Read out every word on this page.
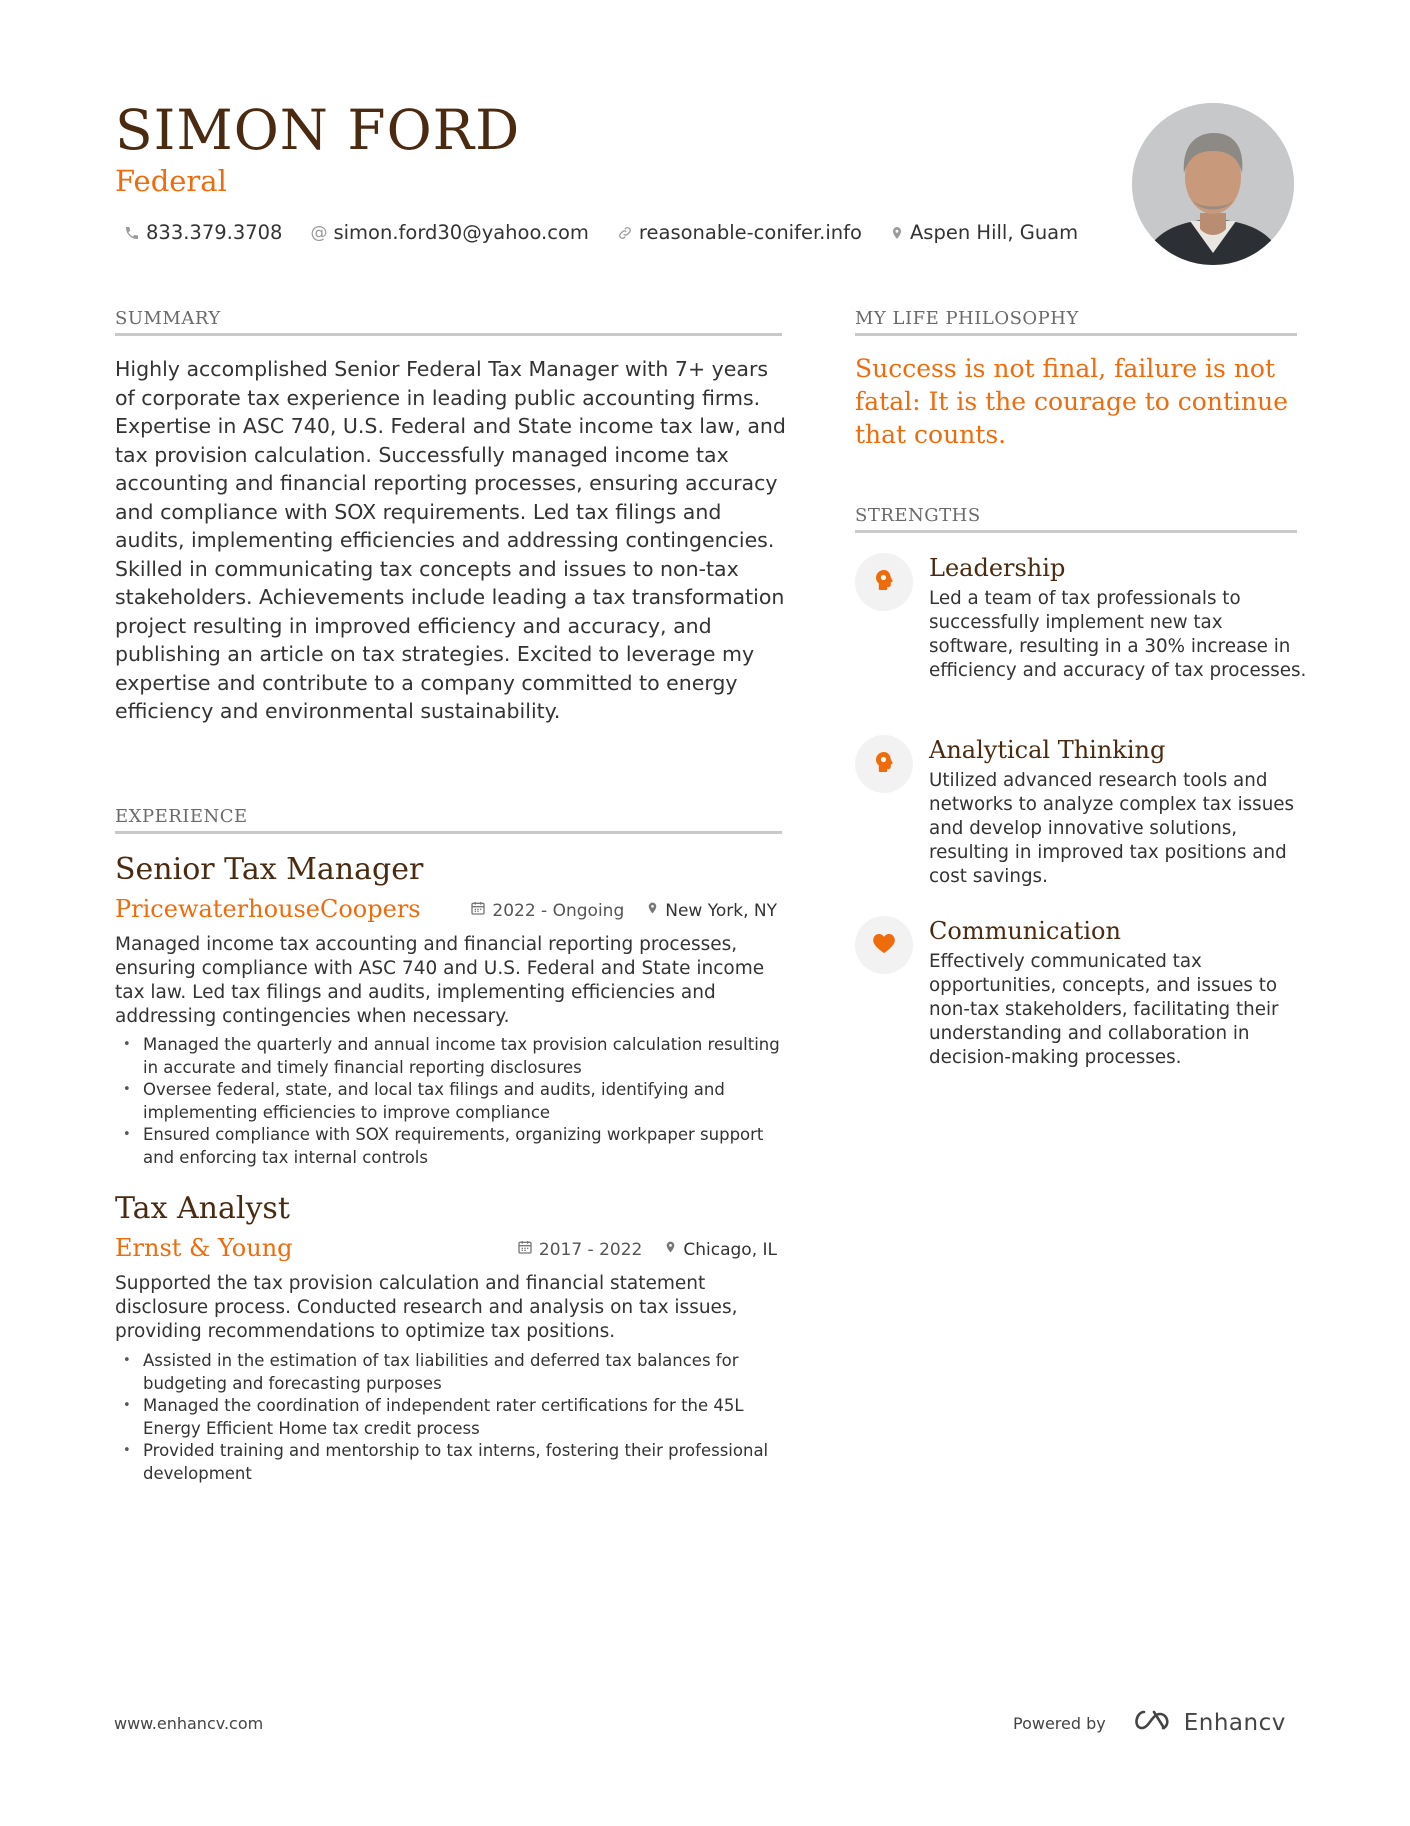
SIMON FORD
Federal
833.379.3708 @ simon.ford30@yahoo.com	reasonable-conifer.info Aspen Hill, Guam
SUMMARY
Highly accomplished Senior Federal Tax Manager with 7+ years of corporate tax experience in leading public accounting firms. Expertise in ASC 740, U.S. Federal and State income tax law, and tax provision calculation. Successfully managed income tax accounting and financial reporting processes, ensuring accuracy and compliance with SOX requirements. Led tax filings and audits, implementing efficiencies and addressing contingencies. Skilled in communicating tax concepts and issues to non-tax stakeholders. Achievements include leading a tax transformation project resulting in improved efficiency and accuracy, and publishing an article on tax strategies. Excited to leverage my expertise and contribute to a company committed to energy efficiency and environmental sustainability.
EXPERIENCE
Senior Tax Manager
PricewaterhouseCoopers	2022 - Ongoing New York, NY
Managed income tax accounting and financial reporting processes, ensuring compliance with ASC 740 and U.S. Federal and State income tax law. Led tax filings and audits, implementing efficiencies and addressing contingencies when necessary.
• Managed the quarterly and annual income tax provision calculation resulting in accurate and timely financial reporting disclosures
• Oversee federal, state, and local tax filings and audits, identifying and implementing efficiencies to improve compliance
• Ensured compliance with SOX requirements, organizing workpaper support and enforcing tax internal controls
Tax Analyst
Ernst & Young	2017 - 2022 Chicago, IL
Supported the tax provision calculation and financial statement disclosure process. Conducted research and analysis on tax issues, providing recommendations to optimize tax positions.
• Assisted in the estimation of tax liabilities and deferred tax balances for budgeting and forecasting purposes
• Managed the coordination of independent rater certifications for the 45L Energy Efficient Home tax credit process
• Provided training and mentorship to tax interns, fostering their professional development
MY LIFE PHILOSOPHY
Success is not final, failure is not fatal: It is the courage to continue that counts.
STRENGTHS
Leadership
Led a team of tax professionals to successfully implement new tax software, resulting in a 30% increase in efficiency and accuracy of tax processes.
Analytical Thinking
Utilized advanced research tools and networks to analyze complex tax issues and develop innovative solutions, resulting in improved tax positions and cost savings.
Communication
Effectively communicated tax opportunities, concepts, and issues to non-tax stakeholders, facilitating their understanding and collaboration in decision-making processes.
www.enhancv.com	Powered by	Enhancv
